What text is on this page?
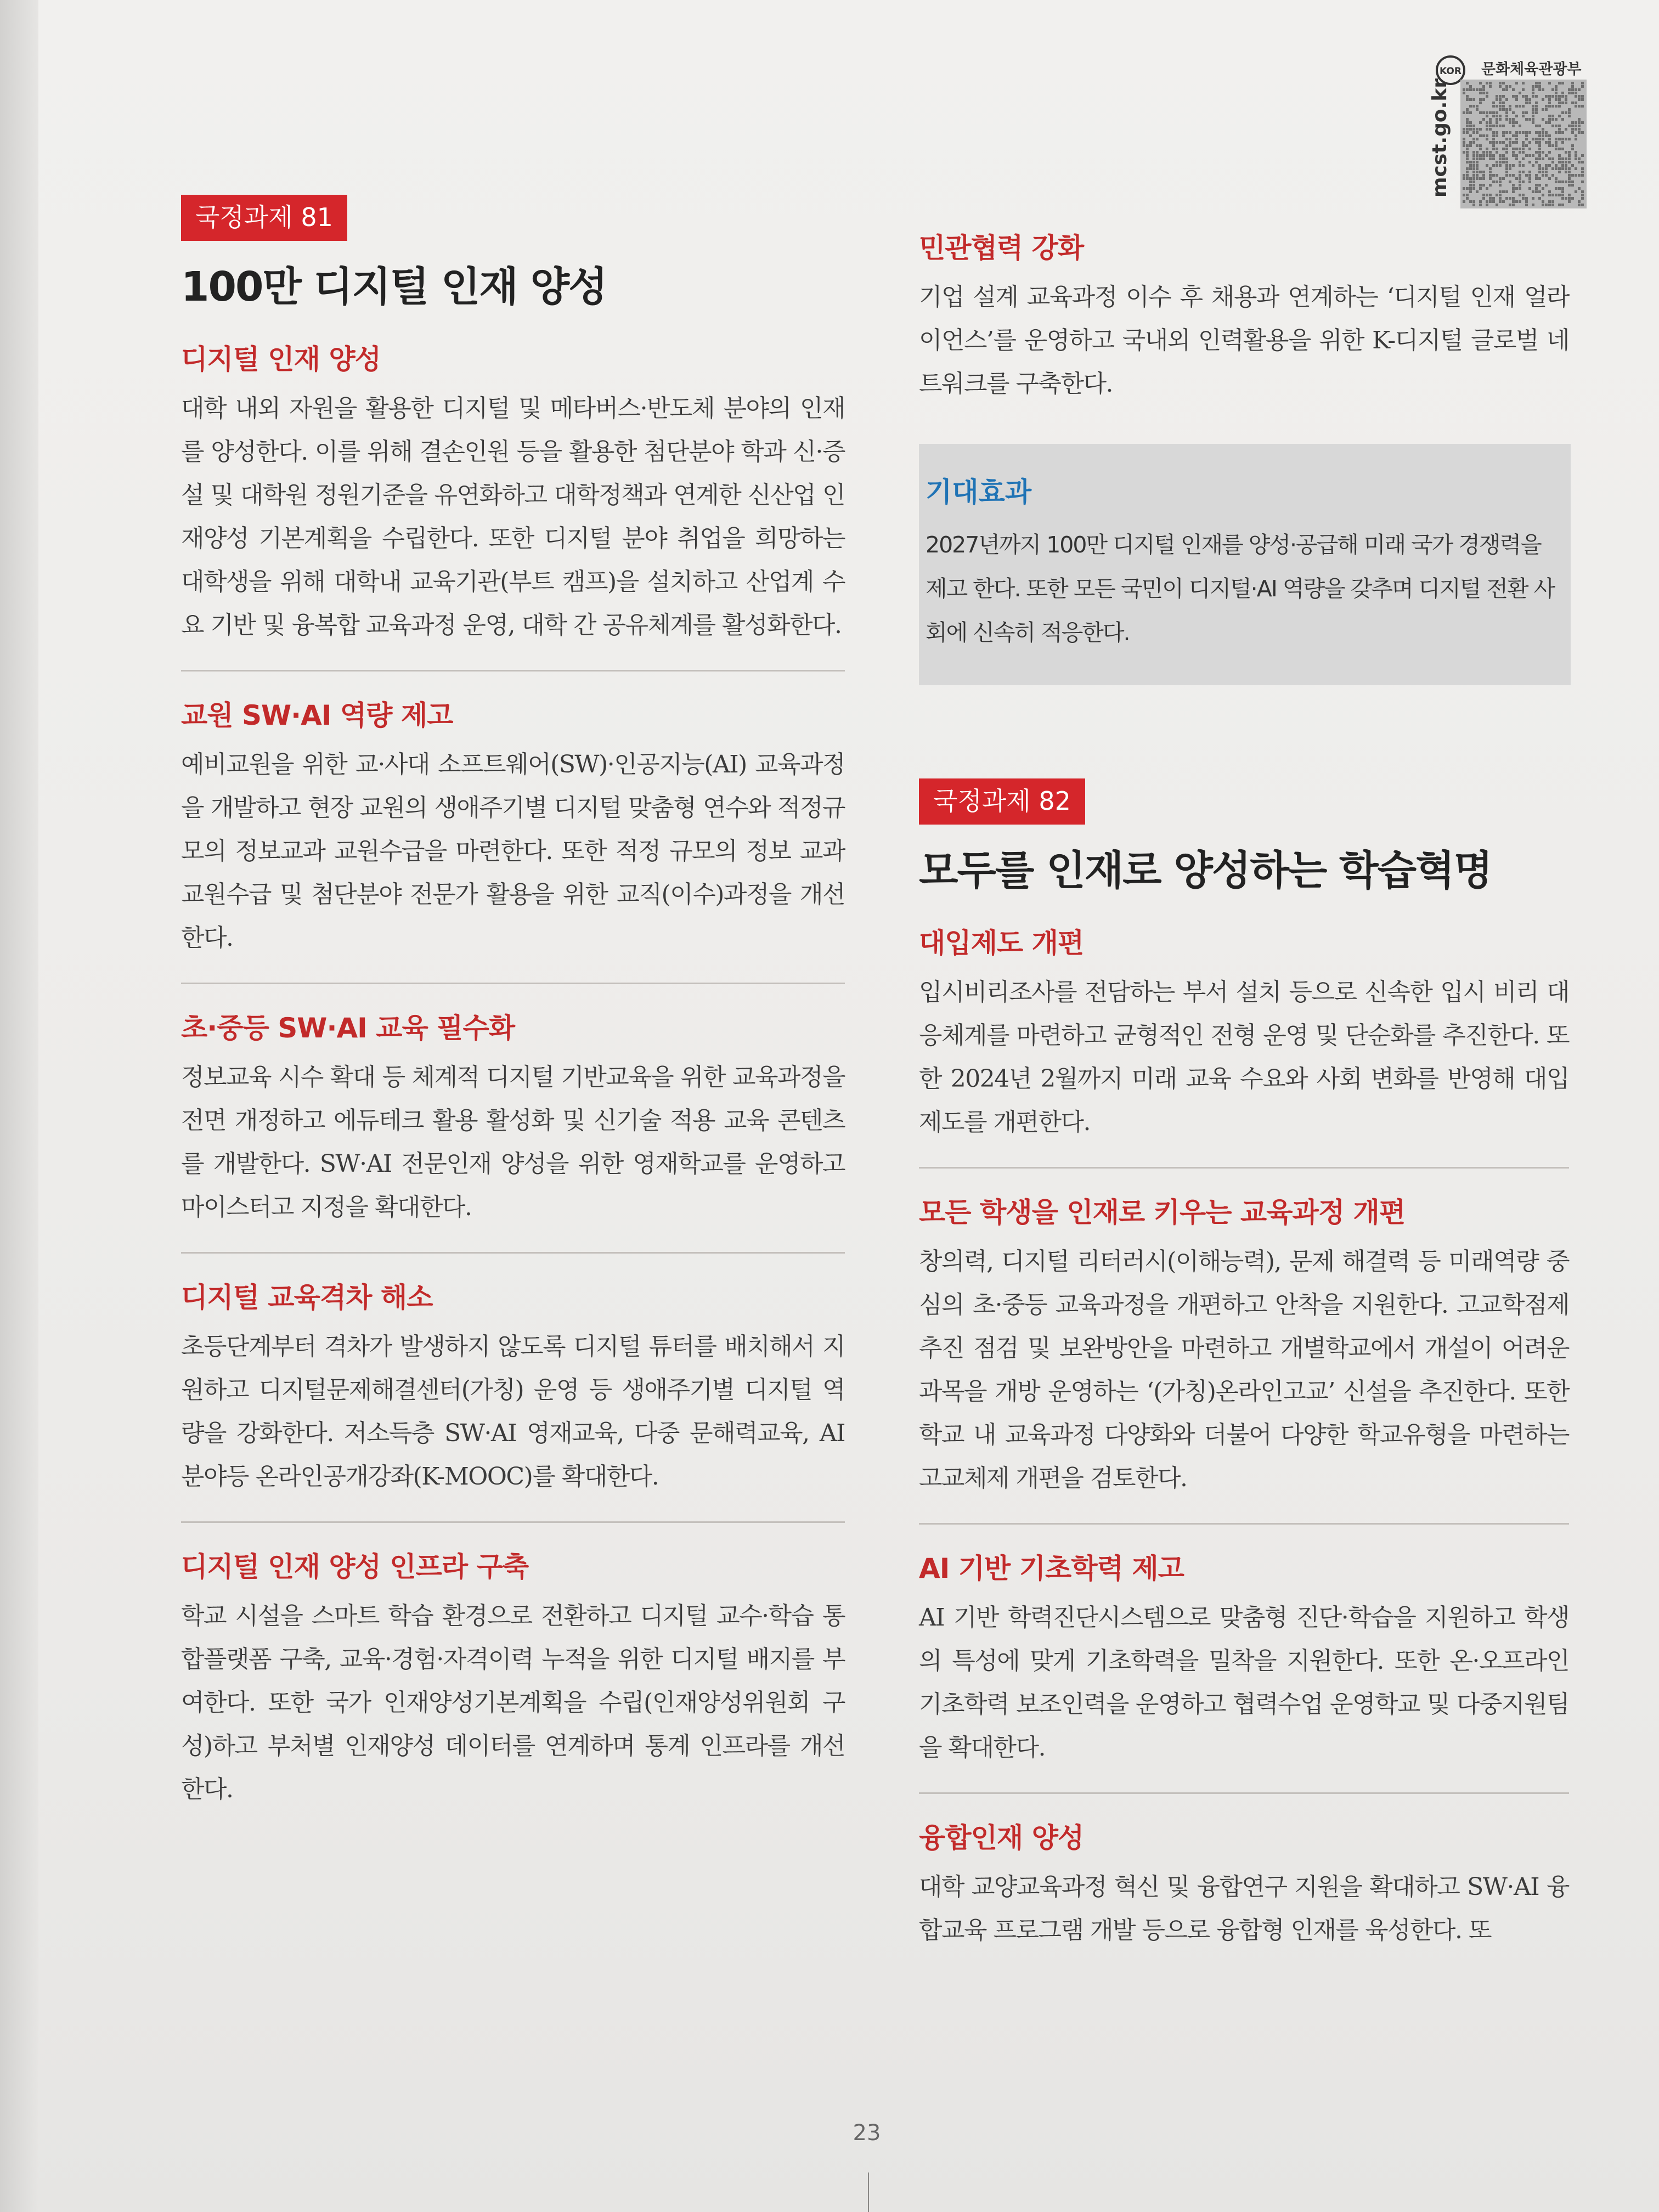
mcst.go.kr
KOR 문화체육관광부
국정과제 81
100만 디지털 인재 양성
디지털 인재 양성

대학 내외 자원을 활용한 디지털 및 메타버스·반도체 분야의 인재를 양성한다. 이를 위해 결손인원 등을 활용한 첨단분야 학과 신·증설 및 대학원 정원기준을 유연화하고 대학정책과 연계한 신산업 인재양성 기본계획을 수립한다. 또한 디지털 분야 취업을 희망하는 대학생을 위해 대학내 교육기관(부트 캠프)을 설치하고 산업계 수요 기반 및 융복합 교육과정 운영, 대학 간 공유체계를 활성화한다.

교원 SW·AI 역량 제고

예비교원을 위한 교·사대 소프트웨어(SW)·인공지능(AI) 교육과정을 개발하고 현장 교원의 생애주기별 디지털 맞춤형 연수와 적정규모의 정보교과 교원수급을 마련한다. 또한 적정 규모의 정보 교과 교원수급 및 첨단분야 전문가 활용을 위한 교직(이수)과정을 개선한다.

초·중등 SW·AI 교육 필수화

정보교육 시수 확대 등 체계적 디지털 기반교육을 위한 교육과정을 전면 개정하고 에듀테크 활용 활성화 및 신기술 적용 교육 콘텐츠를 개발한다. SW·AI 전문인재 양성을 위한 영재학교를 운영하고 마이스터고 지정을 확대한다.

디지털 교육격차 해소

초등단계부터 격차가 발생하지 않도록 디지털 튜터를 배치해서 지원하고 디지털문제해결센터(가칭) 운영 등 생애주기별 디지털 역량을 강화한다. 저소득층 SW·AI 영재교육, 다중 문해력교육, AI 분야등 온라인공개강좌(K-MOOC)를 확대한다.

디지털 인재 양성 인프라 구축

학교 시설을 스마트 학습 환경으로 전환하고 디지털 교수·학습 통합플랫폼 구축, 교육·경험·자격이력 누적을 위한 디지털 배지를 부여한다. 또한 국가 인재양성기본계획을 수립(인재양성위원회 구성)하고 부처별 인재양성 데이터를 연계하며 통계 인프라를 개선한다.

민관협력 강화

기업 설계 교육과정 이수 후 채용과 연계하는 ‘디지털 인재 얼라이언스’를 운영하고 국내외 인력활용을 위한 K-디지털 글로벌 네트워크를 구축한다.

기대효과

2027년까지 100만 디지털 인재를 양성·공급해 미래 국가 경쟁력을 제고 한다. 또한 모든 국민이 디지털·AI 역량을 갖추며 디지털 전환 사회에 신속히 적응한다.

국정과제 82
모두를 인재로 양성하는 학습혁명
대입제도 개편

입시비리조사를 전담하는 부서 설치 등으로 신속한 입시 비리 대응체계를 마련하고 균형적인 전형 운영 및 단순화를 추진한다. 또한 2024년 2월까지 미래 교육 수요와 사회 변화를 반영해 대입제도를 개편한다.

모든 학생을 인재로 키우는 교육과정 개편

창의력, 디지털 리터러시(이해능력), 문제 해결력 등 미래역량 중심의 초·중등 교육과정을 개편하고 안착을 지원한다. 고교학점제 추진 점검 및 보완방안을 마련하고 개별학교에서 개설이 어려운 과목을 개방 운영하는 ‘(가칭)온라인고교’ 신설을 추진한다. 또한 학교 내 교육과정 다양화와 더불어 다양한 학교유형을 마련하는 고교체제 개편을 검토한다.

AI 기반 기초학력 제고

AI 기반 학력진단시스템으로 맞춤형 진단·학습을 지원하고 학생의 특성에 맞게 기초학력을 밀착을 지원한다. 또한 온·오프라인 기초학력 보조인력을 운영하고 협력수업 운영학교 및 다중지원팀을 확대한다.

융합인재 양성

대학 교양교육과정 혁신 및 융합연구 지원을 확대하고 SW·AI 융합교육 프로그램 개발 등으로 융합형 인재를 육성한다. 또

23
